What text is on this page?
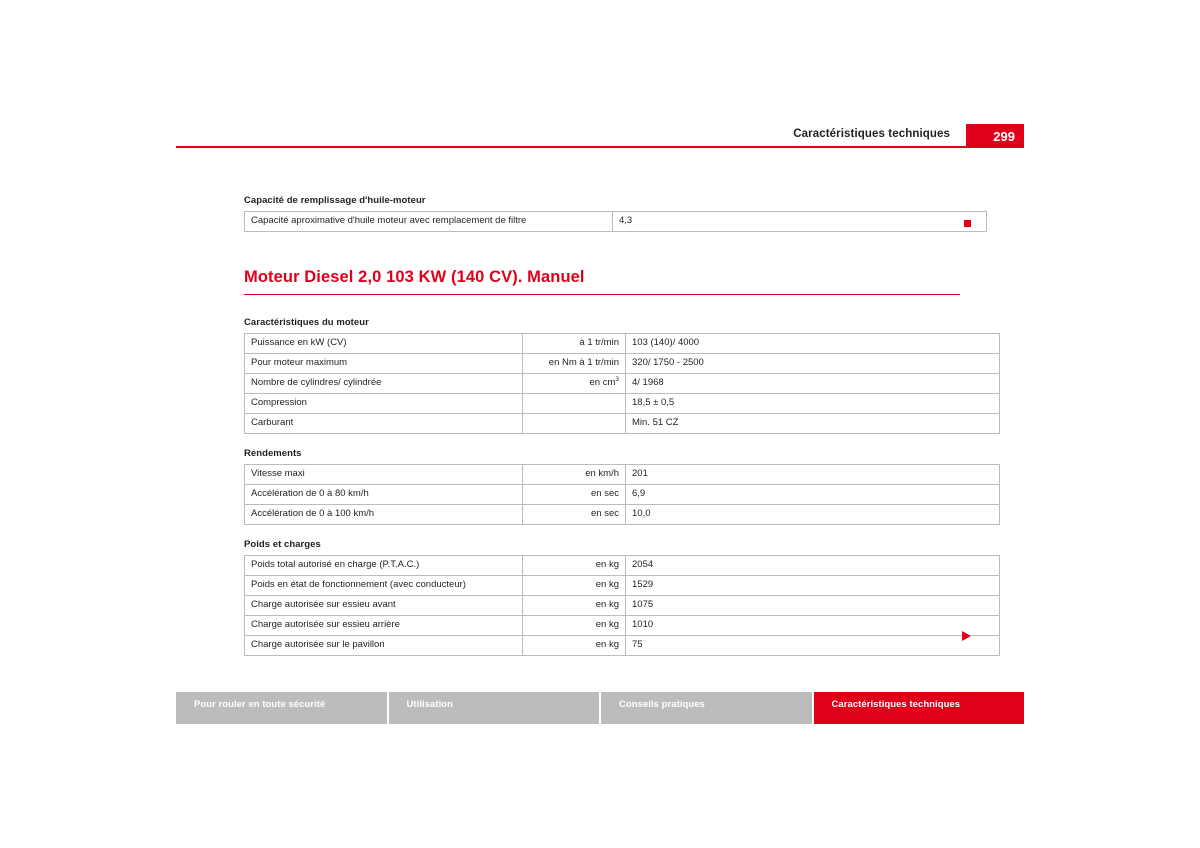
Caractéristiques techniques	299
Capacité de remplissage d'huile-moteur
Capacité aproximative d'huile moteur avec remplacement de filtre	4,3
Moteur Diesel 2,0 103 KW (140 CV). Manuel
Caractéristiques du moteur
Puissance en kW (CV)	à 1 tr/min	103 (140)/ 4000
Pour moteur maximum	en Nm à 1 tr/min	320/ 1750 - 2500
Nombre de cylindres/ cylindrée	en $cm^3$	4/ 1968
Compression		18,5 ± 0,5
Carburant		Min. 51 CZ
Rendements
Vitesse maxi	en km/h	201
Accélération de 0 à 80 km/h	en sec	6,9
Accélération de 0 à 100 km/h	en sec	10,0
Poids et charges
Poids total autorisé en charge (P.T.A.C.)	en kg	2054
Poids en état de fonctionnement (avec conducteur)	en kg	1529
Charge autorisée sur essieu avant	en kg	1075
Charge autorisée sur essieu arrière	en kg	1010
Charge autorisée sur le pavillon	en kg	75
Pour rouler en toute sécurité	Utilisation	Conseils pratiques	Caractéristiques techniques
